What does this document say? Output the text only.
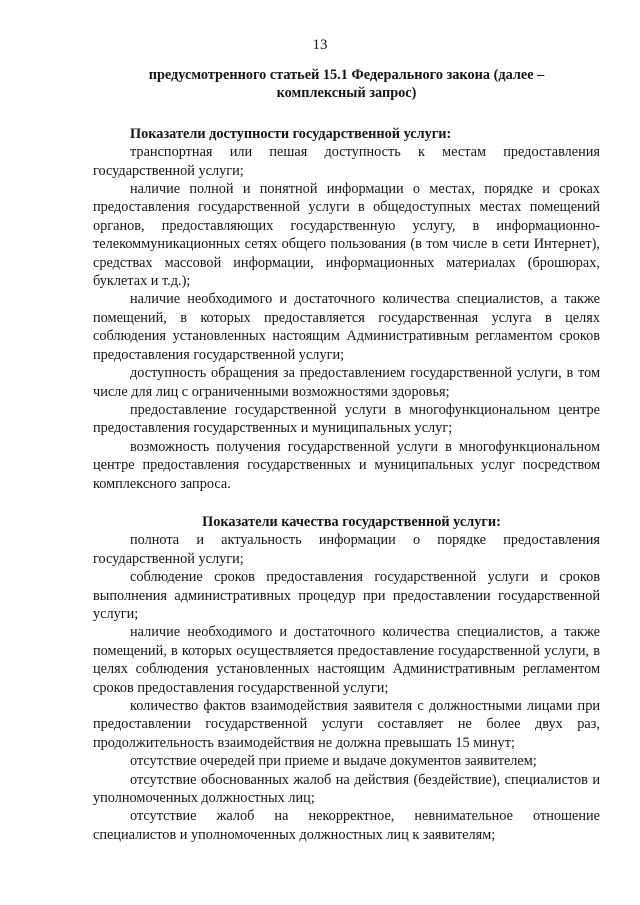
13
предусмотренного статьей 15.1 Федерального закона (далее –
комплексный запрос)
Показатели доступности государственной услуги:

транспортная или пешая доступность к местам предоставления государственной услуги;

наличие полной и понятной информации о местах, порядке и сроках предоставления государственной услуги в общедоступных местах помещений органов, предоставляющих государственную услугу, в информационно-телекоммуникационных сетях общего пользования (в том числе в сети Интернет), средствах массовой информации, информационных материалах (брошюрах, буклетах и т.д.);

наличие необходимого и достаточного количества специалистов, а также помещений, в которых предоставляется государственная услуга в целях соблюдения установленных настоящим Административным регламентом сроков предоставления государственной услуги;

доступность обращения за предоставлением государственной услуги, в том числе для лиц с ограниченными возможностями здоровья;

предоставление государственной услуги в многофункциональном центре предоставления государственных и муниципальных услуг;

возможность получения государственной услуги в многофункциональном центре предоставления государственных и муниципальных услуг посредством комплексного запроса.

Показатели качества государственной услуги:

полнота и актуальность информации о порядке предоставления государственной услуги;

соблюдение сроков предоставления государственной услуги и сроков выполнения административных процедур при предоставлении государственной услуги;

наличие необходимого и достаточного количества специалистов, а также помещений, в которых осуществляется предоставление государственной услуги, в целях соблюдения установленных настоящим Административным регламентом сроков предоставления государственной услуги;

количество фактов взаимодействия заявителя с должностными лицами при предоставлении государственной услуги составляет не более двух раз, продолжительность взаимодействия не должна превышать 15 минут;

отсутствие очередей при приеме и выдаче документов заявителем;

отсутствие обоснованных жалоб на действия (бездействие), специалистов и уполномоченных должностных лиц;

отсутствие жалоб на некорректное, невнимательное отношение специалистов и уполномоченных должностных лиц к заявителям;
